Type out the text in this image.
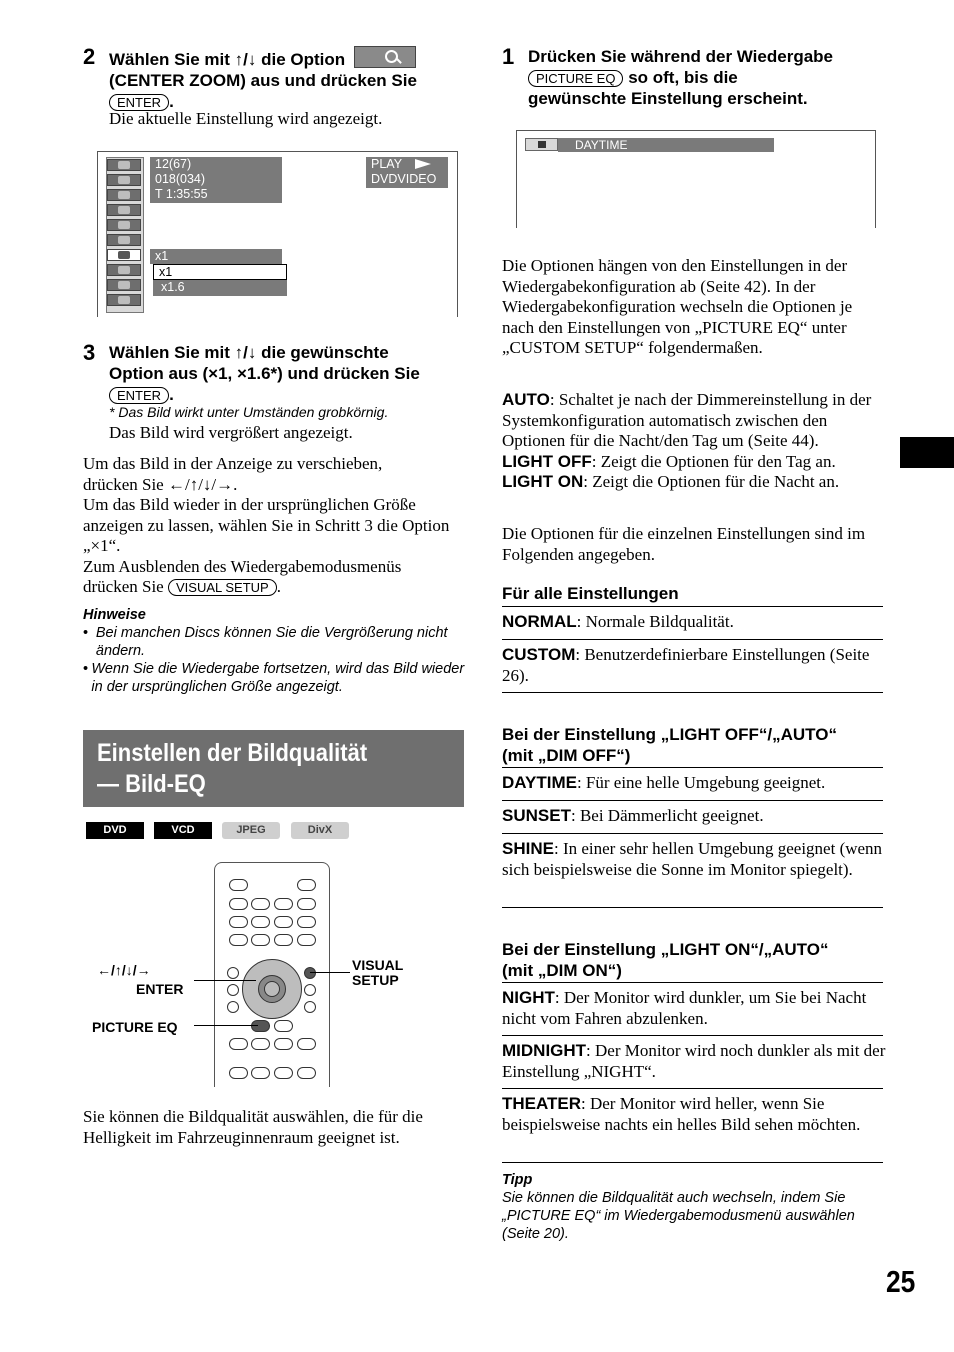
2 Wählen Sie mit ↑/↓ die Option
(CENTER ZOOM) aus und drücken Sie
ENTER .
Die aktuelle Einstellung wird angezeigt.
12(67)
018(034)
T 1:35:55
PLAY
DVDVIDEO
x1
x1
x1.6
3 Wählen Sie mit ↑/↓ die gewünschte
Option aus (×1, ×1.6*) und drücken Sie
ENTER .
* Das Bild wirkt unter Umständen grobkörnig.
Das Bild wird vergrößert angezeigt.
Um das Bild in der Anzeige zu verschieben,
drücken Sie ←/↑/↓/→.
Um das Bild wieder in der ursprünglichen Größe anzeigen zu lassen, wählen Sie in Schritt 3 die Option „×1“.
Zum Ausblenden des Wiedergabemodusmenüs
drücken Sie VISUAL SETUP .
Hinweise
• Bei manchen Discs können Sie die Vergrößerung nicht ändern.
• Wenn Sie die Wiedergabe fortsetzen, wird das Bild wieder in der ursprünglichen Größe angezeigt.
Einstellen der Bildqualität
— Bild-EQ
DVD	VCD	JPEG	DivX
←/↑/↓/→
ENTER
PICTURE EQ
VISUAL
SETUP
Sie können die Bildqualität auswählen, die für die Helligkeit im Fahrzeuginnenraum geeignet ist.
1 Drücken Sie während der Wiedergabe
PICTURE EQ so oft, bis die
gewünschte Einstellung erscheint.
DAYTIME
Die Optionen hängen von den Einstellungen in der Wiedergabekonfiguration ab (Seite 42). In der Wiedergabekonfiguration wechseln die Optionen je nach den Einstellungen von „PICTURE EQ“ unter „CUSTOM SETUP“ folgendermaßen.
AUTO: Schaltet je nach der Dimmereinstellung in der Systemkonfiguration automatisch zwischen den Optionen für die Nacht/den Tag um (Seite 44).
LIGHT OFF: Zeigt die Optionen für den Tag an.
LIGHT ON: Zeigt die Optionen für die Nacht an.
Die Optionen für die einzelnen Einstellungen sind im Folgenden angegeben.
Für alle Einstellungen
NORMAL: Normale Bildqualität.
CUSTOM: Benutzerdefinierbare Einstellungen (Seite 26).
Bei der Einstellung „LIGHT OFF“/„AUTO“
(mit „DIM OFF“)
DAYTIME: Für eine helle Umgebung geeignet.
SUNSET: Bei Dämmerlicht geeignet.
SHINE: In einer sehr hellen Umgebung geeignet (wenn sich beispielsweise die Sonne im Monitor spiegelt).
Bei der Einstellung „LIGHT ON“/„AUTO“
(mit „DIM ON“)
NIGHT: Der Monitor wird dunkler, um Sie bei Nacht nicht vom Fahren abzulenken.
MIDNIGHT: Der Monitor wird noch dunkler als mit der Einstellung „NIGHT“.
THEATER: Der Monitor wird heller, wenn Sie beispielsweise nachts ein helles Bild sehen möchten.
Tipp
Sie können die Bildqualität auch wechseln, indem Sie „PICTURE EQ“ im Wiedergabemodusmenü auswählen (Seite 20).
25
